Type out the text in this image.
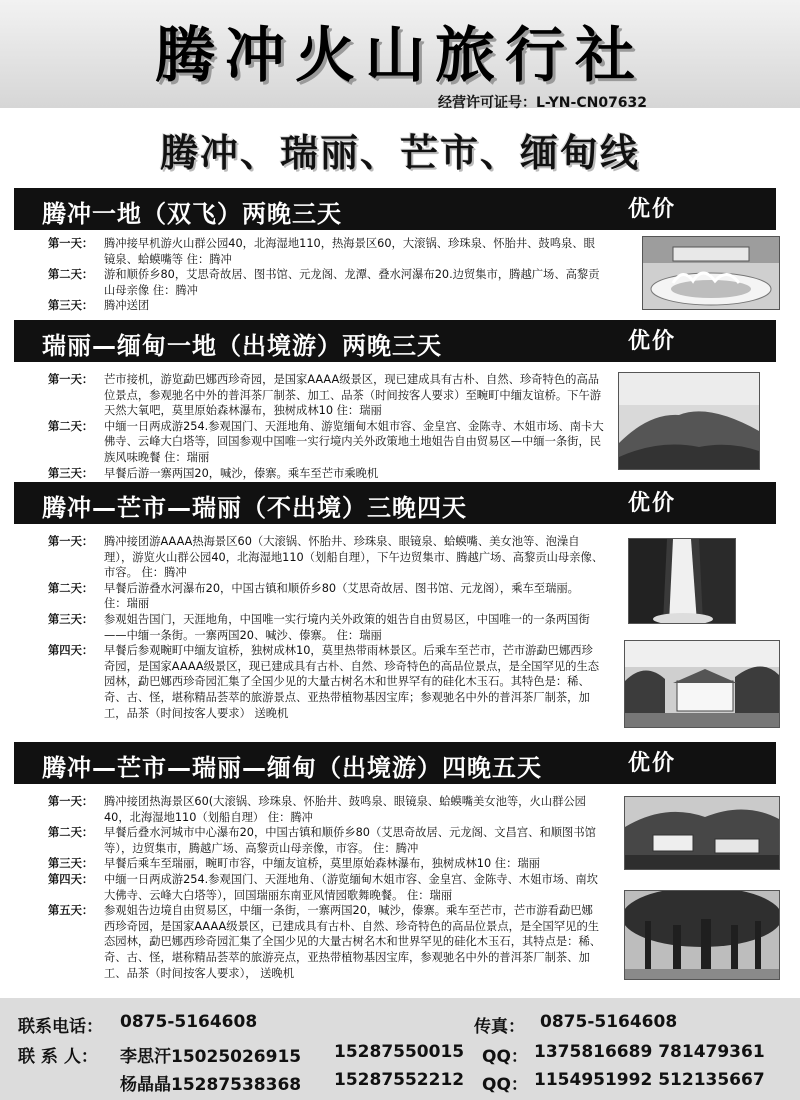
腾冲火山旅行社
经营许可证号：L-YN-CN07632
腾冲、瑞丽、芒市、缅甸线
腾冲一地（双飞）两晚三天	优价
第一天： 腾冲接早机游火山群公园40，北海湿地110，热海景区60，大滚锅、珍珠泉、怀胎井、鼓鸣泉、眼镜泉、蛤蟆嘴等 住：腾冲
第二天： 游和顺侨乡80，艾思奇故居、图书馆、元龙阁、龙潭、叠水河瀑布20.边贸集市，腾越广场、高黎贡山母亲像 住：腾冲
第三天： 腾冲送团
瑞丽—缅甸一地（出境游）两晚三天	优价
第一天： 芒市接机，游览勐巴娜西珍奇园，是国家AAAA级景区，现已建成具有古朴、自然、珍奇特色的高品位景点，参观驰名中外的普洱茶厂制茶、加工、品茶（时间按客人要求）至畹町中缅友谊桥。下午游天然大氧吧，莫里原始森林瀑布，独树成林10 住：瑞丽
第二天： 中缅一日两成游254.参观国门、天涯地角、游览缅甸木姐市容、金皇宫、金陈寺、木姐市场、南卡大佛寺、云峰大白塔等，回国参观中国唯一实行境内关外政策地土地姐告自由贸易区—中缅一条街，民族风味晚餐 住：瑞丽
第三天： 早餐后游一寨两国20，喊沙，傣寨。乘车至芒市乘晚机
腾冲—芒市—瑞丽（不出境）三晚四天	优价
第一天： 腾冲接团游AAAA热海景区60（大滚锅、怀胎井、珍珠泉、眼镜泉、蛤蟆嘴、美女池等、泡澡自理），游览火山群公园40，北海湿地110（划船自理），下午边贸集市、腾越广场、高黎贡山母亲像、市容。 住：腾冲
第二天： 早餐后游叠水河瀑布20，中国古镇和顺侨乡80（艾思奇故居、图书馆、元龙阁），乘车至瑞丽。 住：瑞丽
第三天： 参观姐告国门，天涯地角，中国唯一实行境内关外政策的姐告自由贸易区，中国唯一的一条两国街——中缅一条街。一寨两国20、喊沙、傣寨。 住：瑞丽
第四天： 早餐后参观畹町中缅友谊桥，独树成林10，莫里热带雨林景区。后乘车至芒市，芒市游勐巴娜西珍奇园，是国家AAAA级景区，现已建成具有古朴、自然、珍奇特色的高品位景点，是全国罕见的生态园林，勐巴娜西珍奇园汇集了全国少见的大量古树名木和世界罕有的硅化木玉石。其特色是：稀、奇、古、怪，堪称精品荟萃的旅游景点、亚热带植物基因宝库；参观驰名中外的普洱茶厂制茶，加工，品茶（时间按客人要求） 送晚机
腾冲—芒市—瑞丽—缅甸（出境游）四晚五天	优价
第一天： 腾冲接团热海景区60(大滚锅、珍珠泉、怀胎井、鼓鸣泉、眼镜泉、蛤蟆嘴美女池等，火山群公园40，北海湿地110（划船自理） 住：腾冲
第二天： 早餐后叠水河城市中心瀑布20，中国古镇和顺侨乡80（艾思奇故居、元龙阁、文昌宫、和顺图书馆等），边贸集市，腾越广场、高黎贡山母亲像，市容。 住：腾冲
第三天： 早餐后乘车至瑞丽，畹町市容，中缅友谊桥，莫里原始森林瀑布，独树成林10 住：瑞丽
第四天： 中缅一日两成游254.参观国门、天涯地角、（游览缅甸木姐市容、金皇宫、金陈寺、木姐市场、南坎大佛寺、云峰大白塔等），回国瑞丽东南亚风情园歌舞晚餐。 住：瑞丽
第五天： 参观姐告边境自由贸易区，中缅一条街，一寨两国20，喊沙，傣寨。乘车至芒市，芒市游看勐巴娜西珍奇园，是国家AAAA级景区，已建成具有古朴、自然、珍奇特色的高品位景点，是全国罕见的生态园林，勐巴娜西珍奇园汇集了全国少见的大量古树名木和世界罕见的硅化木玉石，其特点是：稀、奇、古、怪，堪称精品荟萃的旅游亮点，亚热带植物基因宝库，参观驰名中外的普洱茶厂制茶、加工、品茶（时间按客人要求）， 送晚机
联系电话： 0875-5164608	传真： 0875-5164608
联 系 人： 李思汗15025026915 15287550015 QQ： 1375816689 781479361
杨晶晶15287538368 15287552212 QQ： 1154951992 512135667
